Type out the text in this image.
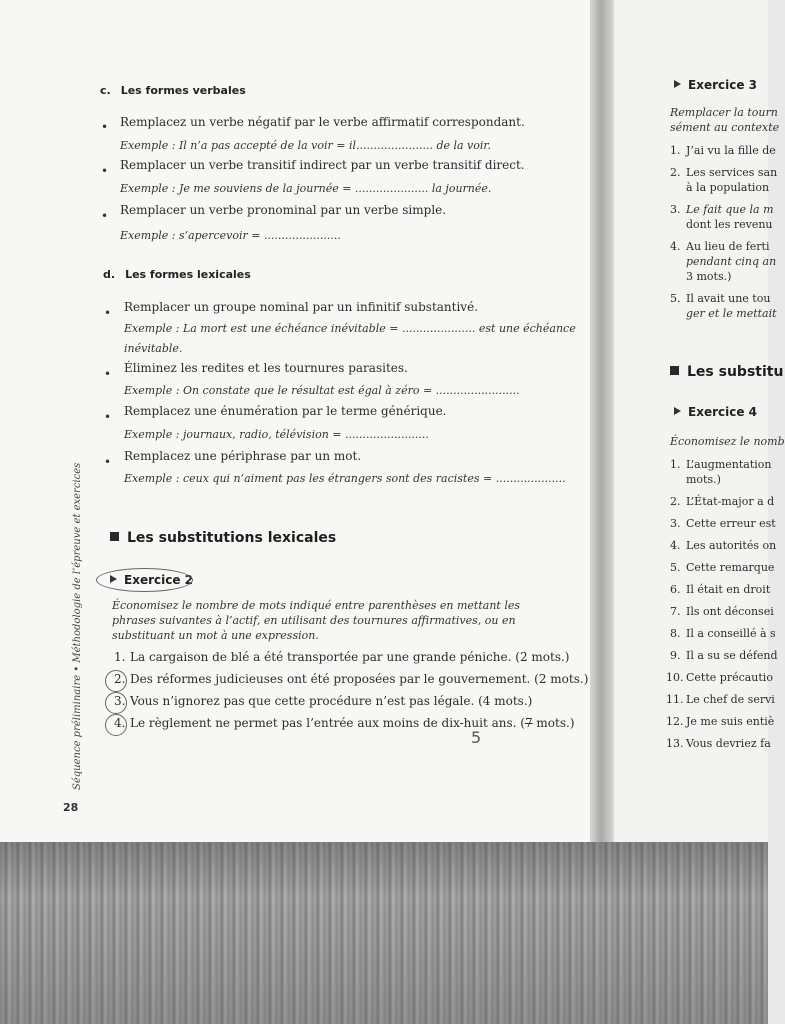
c. Les formes verbales
• Remplacez un verbe négatif par le verbe affirmatif correspondant.
Exemple : Il n’a pas accepté de la voir = il...................... de la voir.
• Remplacer un verbe transitif indirect par un verbe transitif direct.
Exemple : Je me souviens de la journée = ..................... la journée.
• Remplacer un verbe pronominal par un verbe simple.
Exemple : s’apercevoir = ......................
d. Les formes lexicales
• Remplacer un groupe nominal par un infinitif substantivé.
Exemple : La mort est une échéance inévitable = ..................... est une échéance
inévitable.
• Éliminez les redites et les tournures parasites.
Exemple : On constate que le résultat est égal à zéro = ........................
• Remplacez une énumération par le terme générique.
Exemple : journaux, radio, télévision = ........................
• Remplacez une périphrase par un mot.
Exemple : ceux qui n’aiment pas les étrangers sont des racistes = ....................
Les substitutions lexicales
Exercice 2
Économisez le nombre de mots indiqué entre parenthèses en mettant les phrases suivantes à l’actif, en utilisant des tournures affirmatives, ou en substituant un mot à une expression.
1. La cargaison de blé a été transportée par une grande péniche. (2 mots.)
2. Des réformes judicieuses ont été proposées par le gouvernement. (2 mots.)
3. Vous n’ignorez pas que cette procédure n’est pas légale. (4 mots.)
4. Le règlement ne permet pas l’entrée aux moins de dix-huit ans. (7 mots.)
5
Séquence préliminaire • Méthodologie de l’épreuve et exercices
28
Exercice 3
Remplacer la tourn
sément au contexte
1. J’ai vu la fille de
2. Les services san
à la population
3. Le fait que la m
dont les revenu
4. Au lieu de ferti
pendant cinq an
3 mots.)
5. Il avait une tou
ger et le mettait
Les substitu
Exercice 4
Économisez le nomb
1. L’augmentation
mots.)
2. L’État-major a d
3. Cette erreur est
4. Les autorités on
5. Cette remarque
6. Il était en droit
7. Ils ont déconsei
8. Il a conseillé à s
9. Il a su se défend
10. Cette précautio
11. Le chef de servi
12. Je me suis entiè
13. Vous devriez fa
